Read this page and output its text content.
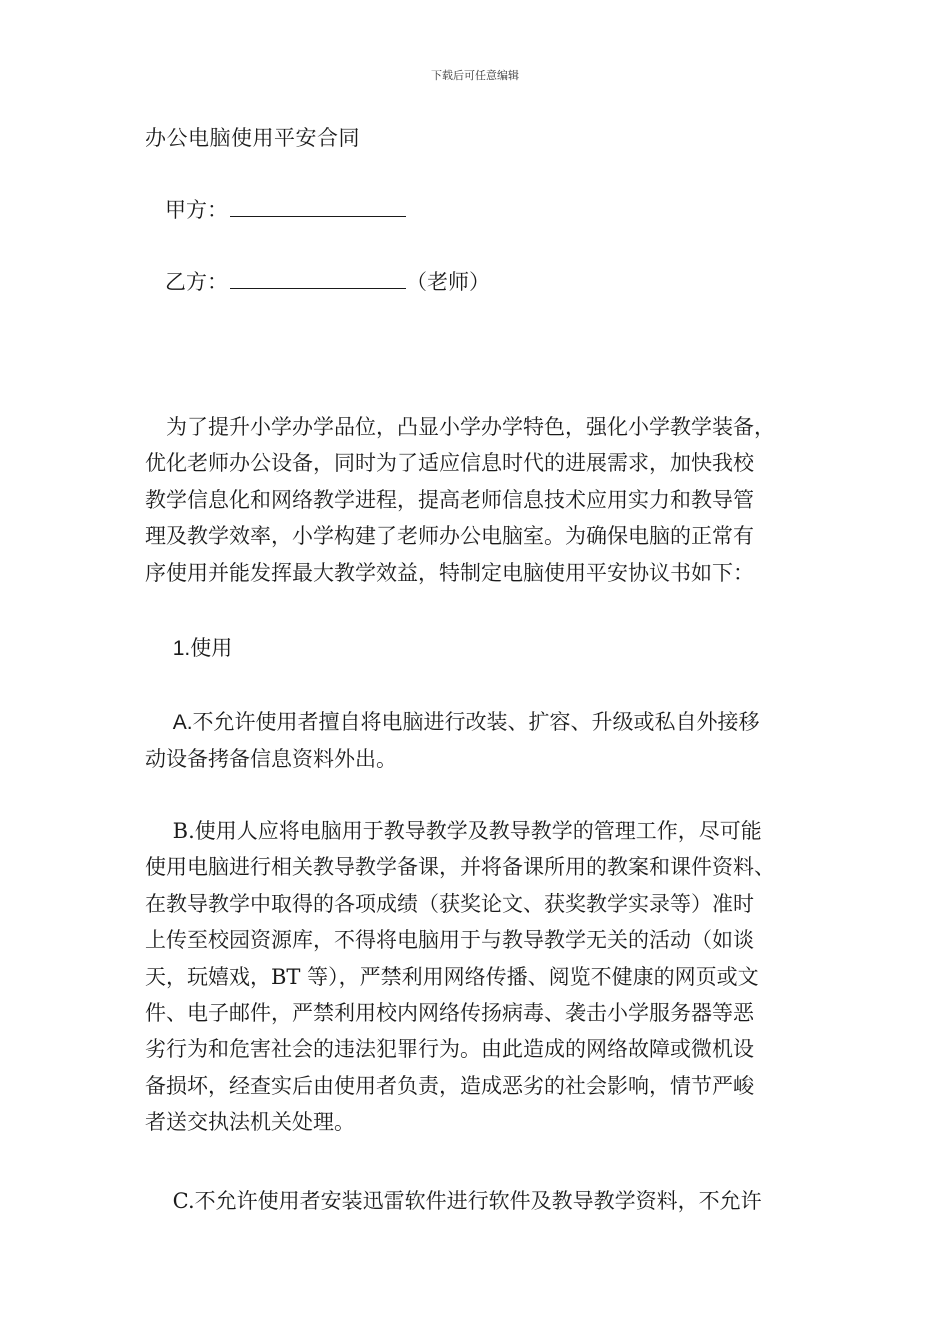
下载后可任意编辑
办公电脑使用平安合同
甲方：
乙方：	（老师）
　为了提升小学办学品位，凸显小学办学特色，强化小学教学装备，
优化老师办公设备，同时为了适应信息时代的进展需求，加快我校
教学信息化和网络教学进程，提高老师信息技术应用实力和教导管
理及教学效率，小学构建了老师办公电脑室。为确保电脑的正常有
序使用并能发挥最大教学效益，特制定电脑使用平安协议书如下：
　 1.使用
　 A.不允许使用者擅自将电脑进行改装、扩容、升级或私自外接移
动设备拷备信息资料外出。
　 B.使用人应将电脑用于教导教学及教导教学的管理工作，尽可能
使用电脑进行相关教导教学备课，并将备课所用的教案和课件资料、
在教导教学中取得的各项成绩（获奖论文、获奖教学实录等）准时
上传至校园资源库，不得将电脑用于与教导教学无关的活动（如谈
天，玩嬉戏，BT 等），严禁利用网络传播、阅览不健康的网页或文
件、电子邮件，严禁利用校内网络传扬病毒、袭击小学服务器等恶
劣行为和危害社会的违法犯罪行为。由此造成的网络故障或微机设
备损坏，经查实后由使用者负责，造成恶劣的社会影响，情节严峻
者送交执法机关处理。
　 C.不允许使用者安装迅雷软件进行软件及教导教学资料，不允许
